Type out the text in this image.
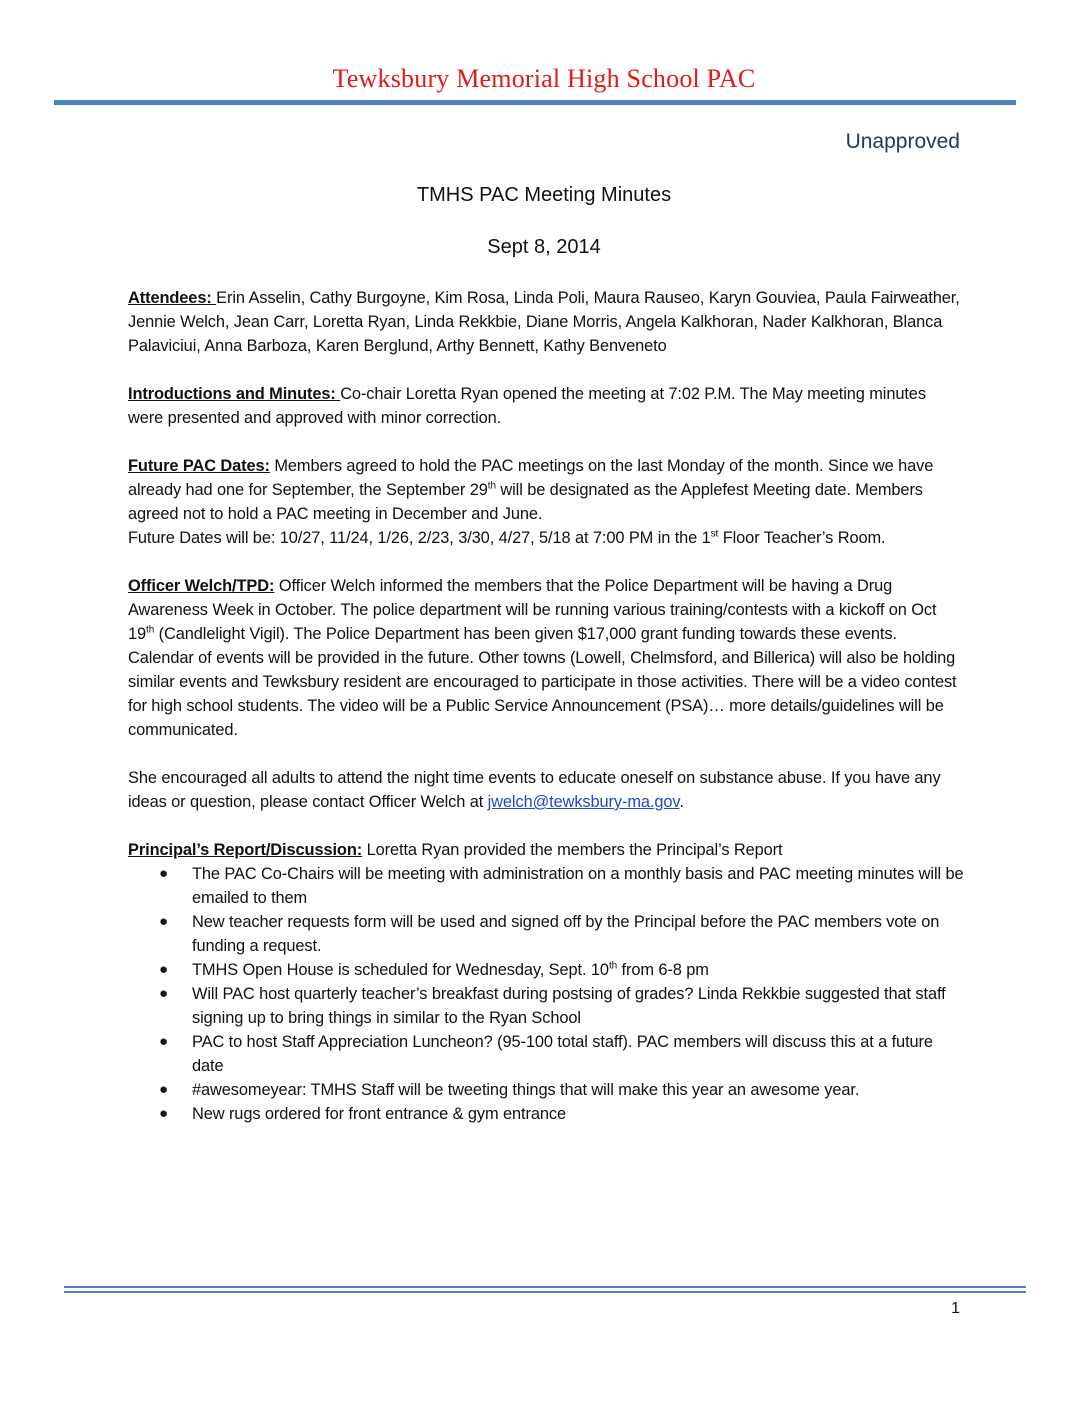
Tewksbury Memorial High School PAC
Unapproved
TMHS PAC Meeting Minutes
Sept 8, 2014

Attendees: Erin Asselin, Cathy Burgoyne, Kim Rosa, Linda Poli, Maura Rauseo, Karyn Gouviea, Paula Fairweather, Jennie Welch, Jean Carr, Loretta Ryan, Linda Rekkbie, Diane Morris, Angela Kalkhoran, Nader Kalkhoran, Blanca Palaviciui, Anna Barboza, Karen Berglund, Arthy Bennett, Kathy Benveneto

Introductions and Minutes: Co-chair Loretta Ryan opened the meeting at 7:02 P.M. The May meeting minutes were presented and approved with minor correction.

Future PAC Dates: Members agreed to hold the PAC meetings on the last Monday of the month. Since we have already had one for September, the September 29th will be designated as the Applefest Meeting date. Members agreed not to hold a PAC meeting in December and June.
Future Dates will be: 10/27, 11/24, 1/26, 2/23, 3/30, 4/27, 5/18 at 7:00 PM in the 1st Floor Teacher’s Room.

Officer Welch/TPD: Officer Welch informed the members that the Police Department will be having a Drug Awareness Week in October. The police department will be running various training/contests with a kickoff on Oct 19th (Candlelight Vigil). The Police Department has been given $17,000 grant funding towards these events. Calendar of events will be provided in the future. Other towns (Lowell, Chelmsford, and Billerica) will also be holding similar events and Tewksbury resident are encouraged to participate in those activities. There will be a video contest for high school students. The video will be a Public Service Announcement (PSA)… more details/guidelines will be communicated.

She encouraged all adults to attend the night time events to educate oneself on substance abuse. If you have any ideas or question, please contact Officer Welch at jwelch@tewksbury-ma.gov.

Principal’s Report/Discussion: Loretta Ryan provided the members the Principal’s Report
● The PAC Co-Chairs will be meeting with administration on a monthly basis and PAC meeting minutes will be emailed to them
● New teacher requests form will be used and signed off by the Principal before the PAC members vote on funding a request.
● TMHS Open House is scheduled for Wednesday, Sept. 10th from 6-8 pm
● Will PAC host quarterly teacher’s breakfast during postsing of grades? Linda Rekkbie suggested that staff signing up to bring things in similar to the Ryan School
● PAC to host Staff Appreciation Luncheon? (95-100 total staff). PAC members will discuss this at a future date
● #awesomeyear: TMHS Staff will be tweeting things that will make this year an awesome year.
● New rugs ordered for front entrance & gym entrance
1
